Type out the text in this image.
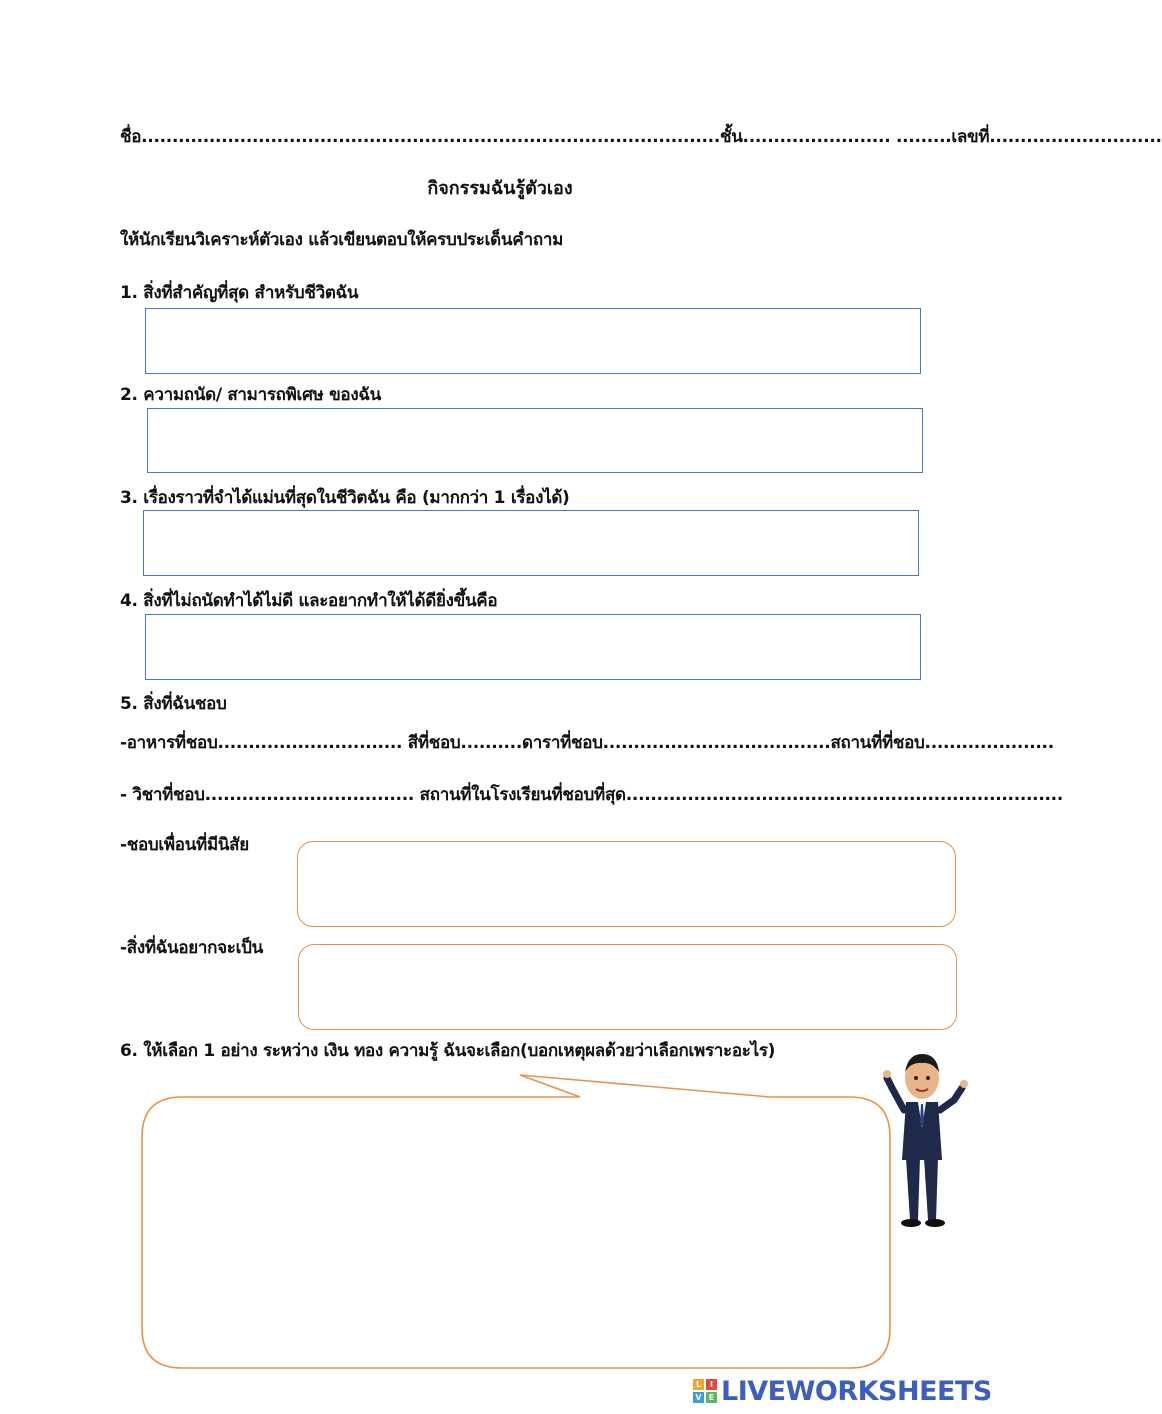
ชื่อ..............................................................................................ชั้น........................ .........เลขที่............................
กิจกรรมฉันรู้ตัวเอง
ให้นักเรียนวิเคราะห์ตัวเอง แล้วเขียนตอบให้ครบประเด็นคำถาม
1. สิ่งที่สำคัญที่สุด สำหรับชีวิตฉัน
2. ความถนัด/ สามารถพิเศษ ของฉัน
3. เรื่องราวที่จำได้แม่นที่สุดในชีวิตฉัน คือ (มากกว่า 1 เรื่องได้)
4. สิ่งที่ไม่ถนัดทำได้ไม่ดี และอยากทำให้ได้ดียิ่งขึ้นคือ
5. สิ่งที่ฉันชอบ
-อาหารที่ชอบ.............................. สีที่ชอบ..........ดาราที่ชอบ.....................................สถานที่ที่ชอบ.....................
- วิชาที่ชอบ.................................. สถานที่ในโรงเรียนที่ชอบที่สุด.......................................................................
-ชอบเพื่อนที่มีนิสัย
-สิ่งที่ฉันอยากจะเป็น
6. ให้เลือก 1 อย่าง ระหว่าง เงิน ทอง ความรู้ ฉันจะเลือก(บอกเหตุผลด้วยว่าเลือกเพราะอะไร)
L	I
V E LIVEWORKSHEETS
